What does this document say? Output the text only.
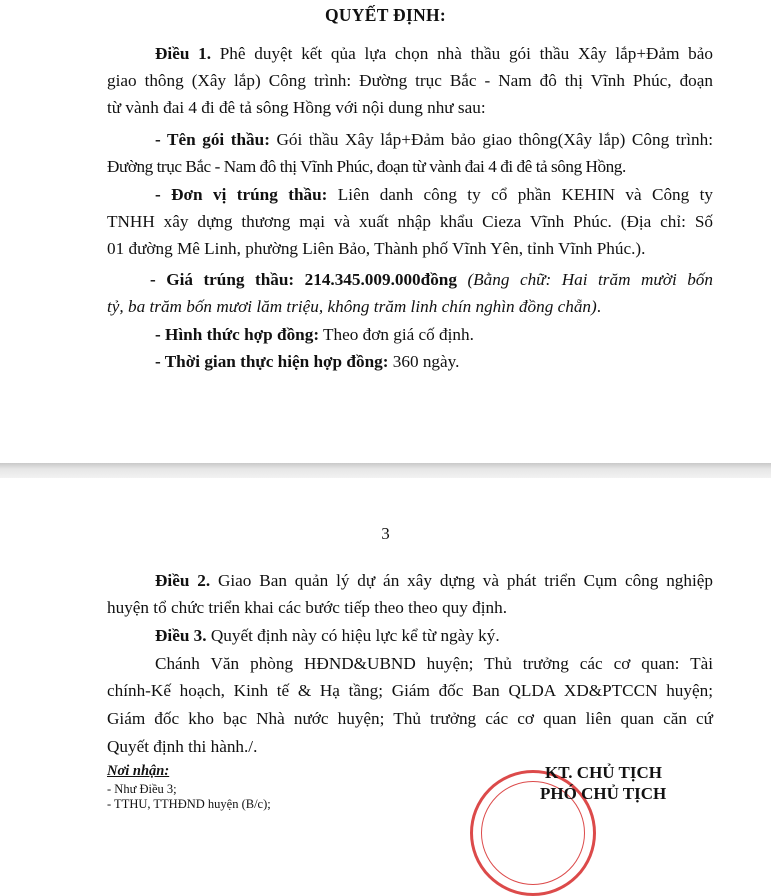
QUYẾT ĐỊNH:
Điều 1. Phê duyệt kết qủa lựa chọn nhà thầu gói thầu Xây lắp+Đảm bảo
giao thông (Xây lắp) Công trình: Đường trục Bắc - Nam đô thị Vĩnh Phúc, đoạn
từ vành đai 4 đi đê tả sông Hồng với nội dung như sau:
- Tên gói thầu: Gói thầu Xây lắp+Đảm bảo giao thông(Xây lắp) Công trình:
Đường trục Bắc - Nam đô thị Vĩnh Phúc, đoạn từ vành đai 4 đi đê tả sông Hồng.
- Đơn vị trúng thầu: Liên danh công ty cổ phần KEHIN và Công ty
TNHH xây dựng thương mại và xuất nhập khẩu Cieza Vĩnh Phúc. (Địa chỉ: Số
01 đường Mê Linh, phường Liên Bảo, Thành phố Vĩnh Yên, tỉnh Vĩnh Phúc.).
- Giá trúng thầu: 214.345.009.000đồng (Bằng chữ: Hai trăm mười bốn
tỷ, ba trăm bốn mươi lăm triệu, không trăm linh chín nghìn đồng chẵn).
- Hình thức hợp đồng: Theo đơn giá cố định.
- Thời gian thực hiện hợp đồng: 360 ngày.
3
Điều 2. Giao Ban quản lý dự án xây dựng và phát triển Cụm công nghiệp
huyện tổ chức triển khai các bước tiếp theo theo quy định.
Điều 3. Quyết định này có hiệu lực kể từ ngày ký.
Chánh Văn phòng HĐND&UBND huyện; Thủ trưởng các cơ quan: Tài
chính-Kế hoạch, Kinh tế & Hạ tầng; Giám đốc Ban QLDA XD&PTCCN huyện;
Giám đốc kho bạc Nhà nước huyện; Thủ trưởng các cơ quan liên quan căn cứ
Quyết định thi hành./.
Nơi nhận:
- Như Điều 3;
- TTHU, TTHĐND huyện (B/c);
KT. CHỦ TỊCH
PHÓ CHỦ TỊCH
